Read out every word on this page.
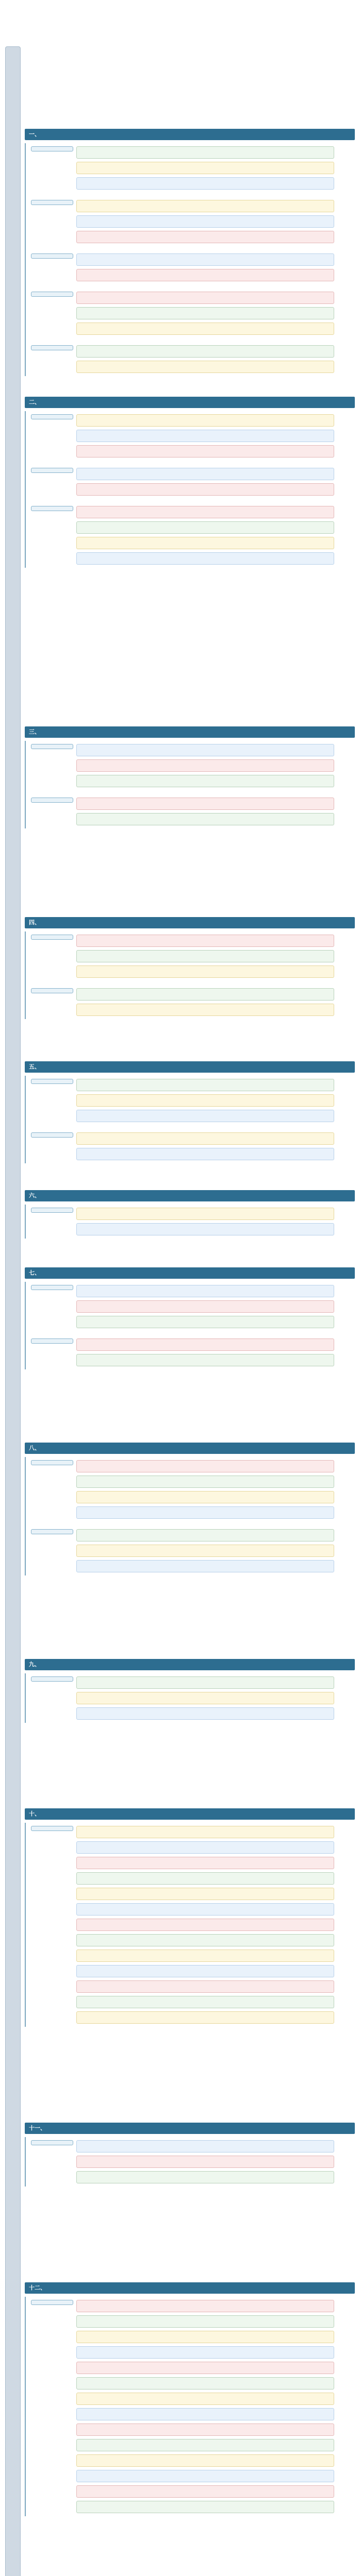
一、
二、
三、
四、
五、
六、
七、
八、
九、
十、
十一、
十二、
